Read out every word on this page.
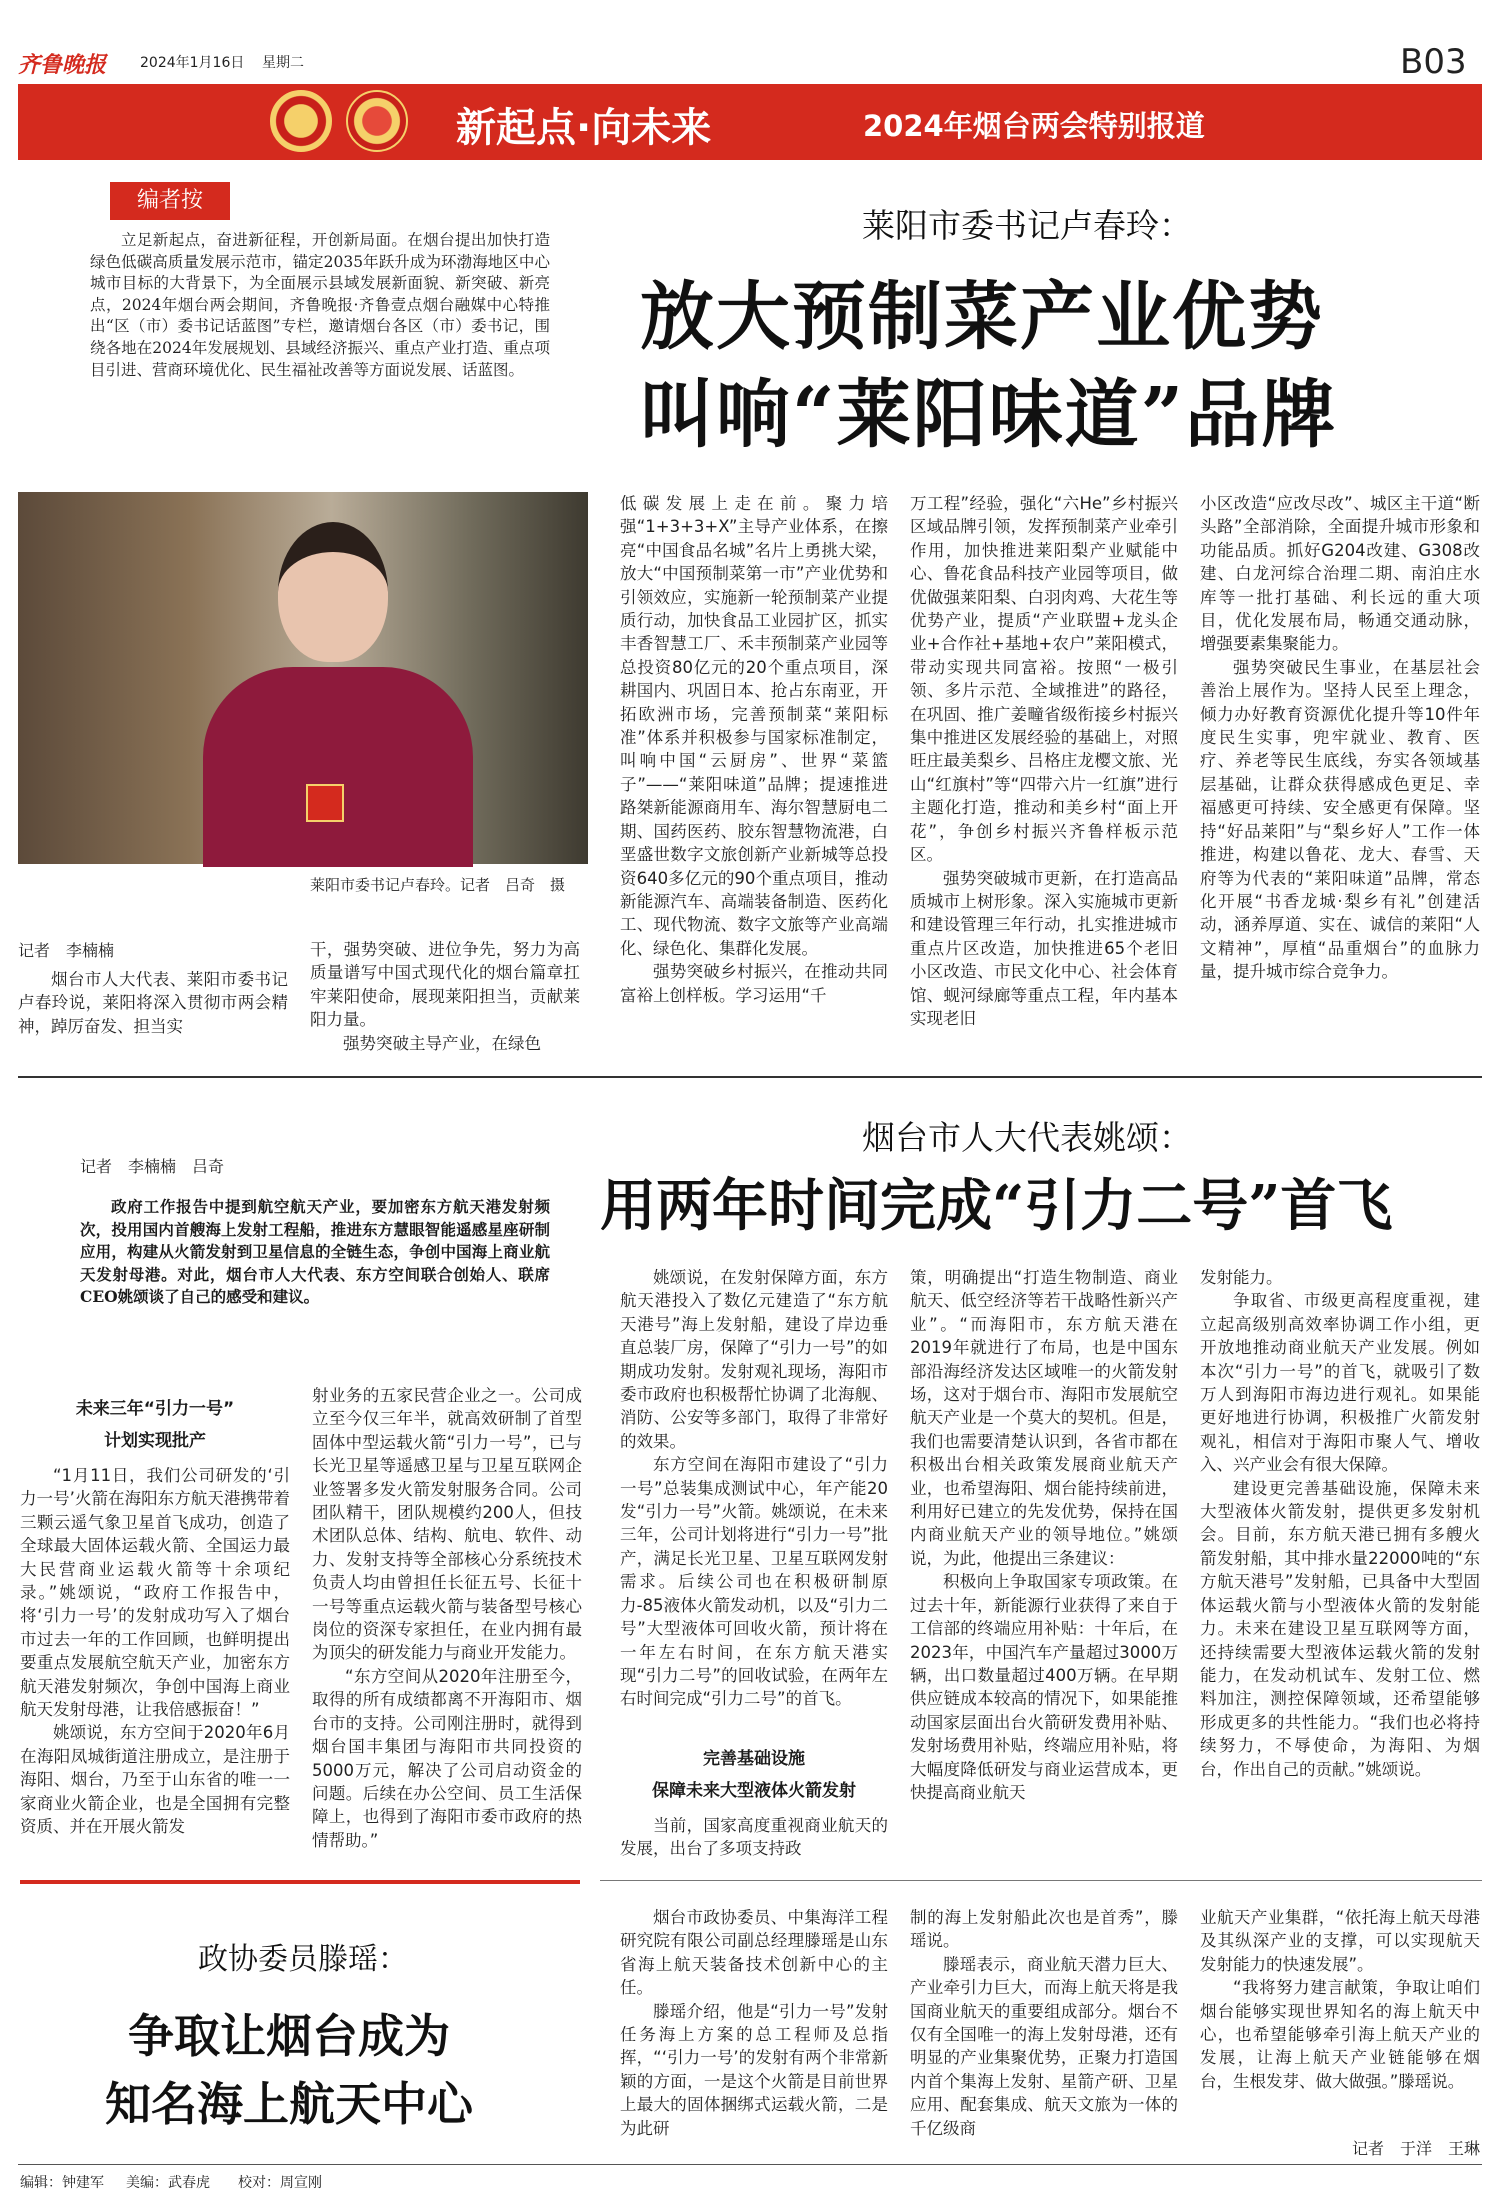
齐鲁晚报 2024年1月16日 星期二	B03
新起点·向未来	2024年烟台两会特别报道
编者按
立足新起点，奋进新征程，开创新局面。在烟台提出加快打造绿色低碳高质量发展示范市，锚定2035年跃升成为环渤海地区中心城市目标的大背景下，为全面展示县域发展新面貌、新突破、新亮点，2024年烟台两会期间，齐鲁晚报·齐鲁壹点烟台融媒中心特推出“区（市）委书记话蓝图”专栏，邀请烟台各区（市）委书记，围绕各地在2024年发展规划、县域经济振兴、重点产业打造、重点项目引进、营商环境优化、民生福祉改善等方面说发展、话蓝图。
莱阳市委书记卢春玲：
放大预制菜产业优势
叫响“莱阳味道”品牌
莱阳市委书记卢春玲。记者　吕奇　摄
记者　李楠楠

烟台市人大代表、莱阳市委书记卢春玲说，莱阳将深入贯彻市两会精神，踔厉奋发、担当实

干，强势突破、进位争先，努力为高质量谱写中国式现代化的烟台篇章扛牢莱阳使命，展现莱阳担当，贡献莱阳力量。

强势突破主导产业，在绿色

低碳发展上走在前。聚力培强“1+3+3+X”主导产业体系，在擦亮“中国食品名城”名片上勇挑大梁，放大“中国预制菜第一市”产业优势和引领效应，实施新一轮预制菜产业提质行动，加快食品工业园扩区，抓实丰香智慧工厂、禾丰预制菜产业园等总投资80亿元的20个重点项目，深耕国内、巩固日本、抢占东南亚，开拓欧洲市场，完善预制菜“莱阳标准”体系并积极参与国家标准制定，叫响中国“云厨房”、世界“菜篮子”——“莱阳味道”品牌；提速推进路桀新能源商用车、海尔智慧厨电二期、国药医药、胶东智慧物流港，白垩盛世数字文旅创新产业新城等总投资640多亿元的90个重点项目，推动新能源汽车、高端装备制造、医药化工、现代物流、数字文旅等产业高端化、绿色化、集群化发展。

强势突破乡村振兴，在推动共同富裕上创样板。学习运用“千

万工程”经验，强化“六He”乡村振兴区域品牌引领，发挥预制菜产业牵引作用，加快推进莱阳梨产业赋能中心、鲁花食品科技产业园等项目，做优做强莱阳梨、白羽肉鸡、大花生等优势产业，提质“产业联盟+龙头企业+合作社+基地+农户”莱阳模式，带动实现共同富裕。按照“一极引领、多片示范、全域推进”的路径，在巩固、推广姜疃省级衔接乡村振兴集中推进区发展经验的基础上，对照旺庄最美梨乡、吕格庄龙樱文旅、光山“红旗村”等“四带六片一红旗”进行主题化打造，推动和美乡村“面上开花”，争创乡村振兴齐鲁样板示范区。

强势突破城市更新，在打造高品质城市上树形象。深入实施城市更新和建设管理三年行动，扎实推进城市重点片区改造，加快推进65个老旧小区改造、市民文化中心、社会体育馆、蚬河绿廊等重点工程，年内基本实现老旧

小区改造“应改尽改”、城区主干道“断头路”全部消除，全面提升城市形象和功能品质。抓好G204改建、G308改建、白龙河综合治理二期、南泊庄水库等一批打基础、利长远的重大项目，优化发展布局，畅通交通动脉，增强要素集聚能力。

强势突破民生事业，在基层社会善治上展作为。坚持人民至上理念，倾力办好教育资源优化提升等10件年度民生实事，兜牢就业、教育、医疗、养老等民生底线，夯实各领域基层基础，让群众获得感成色更足、幸福感更可持续、安全感更有保障。坚持“好品莱阳”与“梨乡好人”工作一体推进，构建以鲁花、龙大、春雪、天府等为代表的“莱阳味道”品牌，常态化开展“书香龙城·梨乡有礼”创建活动，涵养厚道、实在、诚信的莱阳“人文精神”，厚植“品重烟台”的血脉力量，提升城市综合竞争力。

烟台市人大代表姚颂：
用两年时间完成“引力二号”首飞
记者　李楠楠　吕奇
政府工作报告中提到航空航天产业，要加密东方航天港发射频次，投用国内首艘海上发射工程船，推进东方慧眼智能遥感星座研制应用，构建从火箭发射到卫星信息的全链生态，争创中国海上商业航天发射母港。对此，烟台市人大代表、东方空间联合创始人、联席CEO姚颂谈了自己的感受和建议。
未来三年“引力一号”
计划实现批产

“1月11日，我们公司研发的‘引力一号’火箭在海阳东方航天港携带着三颗云遥气象卫星首飞成功，创造了全球最大固体运载火箭、全国运力最大民营商业运载火箭等十余项纪录。”姚颂说，“政府工作报告中，将‘引力一号’的发射成功写入了烟台市过去一年的工作回顾，也鲜明提出要重点发展航空航天产业，加密东方航天港发射频次，争创中国海上商业航天发射母港，让我倍感振奋！”

姚颂说，东方空间于2020年6月在海阳凤城街道注册成立，是注册于海阳、烟台，乃至于山东省的唯一一家商业火箭企业，也是全国拥有完整资质、并在开展火箭发

射业务的五家民营企业之一。公司成立至今仅三年半，就高效研制了首型固体中型运载火箭“引力一号”，已与长光卫星等遥感卫星与卫星互联网企业签署多发火箭发射服务合同。公司团队精干，团队规模约200人，但技术团队总体、结构、航电、软件、动力、发射支持等全部核心分系统技术负责人均由曾担任长征五号、长征十一号等重点运载火箭与装备型号核心岗位的资深专家担任，在业内拥有最为顶尖的研发能力与商业开发能力。

“东方空间从2020年注册至今，取得的所有成绩都离不开海阳市、烟台市的支持。公司刚注册时，就得到烟台国丰集团与海阳市共同投资的5000万元，解决了公司启动资金的问题。后续在办公空间、员工生活保障上，也得到了海阳市委市政府的热情帮助。”

姚颂说，在发射保障方面，东方航天港投入了数亿元建造了“东方航天港号”海上发射船，建设了岸边垂直总装厂房，保障了“引力一号”的如期成功发射。发射观礼现场，海阳市委市政府也积极帮忙协调了北海舰、消防、公安等多部门，取得了非常好的效果。

东方空间在海阳市建设了“引力一号”总装集成测试中心，年产能20发“引力一号”火箭。姚颂说，在未来三年，公司计划将进行“引力一号”批产，满足长光卫星、卫星互联网发射需求。后续公司也在积极研制原力-85液体火箭发动机，以及“引力二号”大型液体可回收火箭，预计将在一年左右时间，在东方航天港实现“引力二号”的回收试验，在两年左右时间完成“引力二号”的首飞。

完善基础设施
保障未来大型液体火箭发射

当前，国家高度重视商业航天的发展，出台了多项支持政

策，明确提出“打造生物制造、商业航天、低空经济等若干战略性新兴产业”。“而海阳市，东方航天港在2019年就进行了布局，也是中国东部沿海经济发达区域唯一的火箭发射场，这对于烟台市、海阳市发展航空航天产业是一个莫大的契机。但是，我们也需要清楚认识到，各省市都在积极出台相关政策发展商业航天产业，也希望海阳、烟台能持续前进，利用好已建立的先发优势，保持在国内商业航天产业的领导地位。”姚颂说，为此，他提出三条建议：

积极向上争取国家专项政策。在过去十年，新能源行业获得了来自于工信部的终端应用补贴：十年后，在2023年，中国汽车产量超过3000万辆，出口数量超过400万辆。在早期供应链成本较高的情况下，如果能推动国家层面出台火箭研发费用补贴、发射场费用补贴，终端应用补贴，将大幅度降低研发与商业运营成本，更快提高商业航天

发射能力。

争取省、市级更高程度重视，建立起高级别高效率协调工作小组，更开放地推动商业航天产业发展。例如本次“引力一号”的首飞，就吸引了数万人到海阳市海边进行观礼。如果能更好地进行协调，积极推广火箭发射观礼，相信对于海阳市聚人气、增收入、兴产业会有很大保障。

建设更完善基础设施，保障未来大型液体火箭发射，提供更多发射机会。目前，东方航天港已拥有多艘火箭发射船，其中排水量22000吨的“东方航天港号”发射船，已具备中大型固体运载火箭与小型液体火箭的发射能力。未来在建设卫星互联网等方面，还持续需要大型液体运载火箭的发射能力，在发动机试车、发射工位、燃料加注，测控保障领域，还希望能够形成更多的共性能力。“我们也必将持续努力，不辱使命，为海阳、为烟台，作出自己的贡献。”姚颂说。

政协委员滕瑶：
争取让烟台成为
知名海上航天中心

烟台市政协委员、中集海洋工程研究院有限公司副总经理滕瑶是山东省海上航天装备技术创新中心的主任。

滕瑶介绍，他是“引力一号”发射任务海上方案的总工程师及总指挥，“‘引力一号’的发射有两个非常新颖的方面，一是这个火箭是目前世界上最大的固体捆绑式运载火箭，二是为此研

制的海上发射船此次也是首秀”，滕瑶说。

滕瑶表示，商业航天潜力巨大、产业牵引力巨大，而海上航天将是我国商业航天的重要组成部分。烟台不仅有全国唯一的海上发射母港，还有明显的产业集聚优势，正聚力打造国内首个集海上发射、星箭产研、卫星应用、配套集成、航天文旅为一体的千亿级商

业航天产业集群，“依托海上航天母港及其纵深产业的支撑，可以实现航天发射能力的快速发展”。

“我将努力建言献策，争取让咱们烟台能够实现世界知名的海上航天中心，也希望能够牵引海上航天产业的发展，让海上航天产业链能够在烟台，生根发芽、做大做强。”滕瑶说。

记者　于洋　王琳
编辑：钟建军 美编：武春虎 校对：周宣刚
